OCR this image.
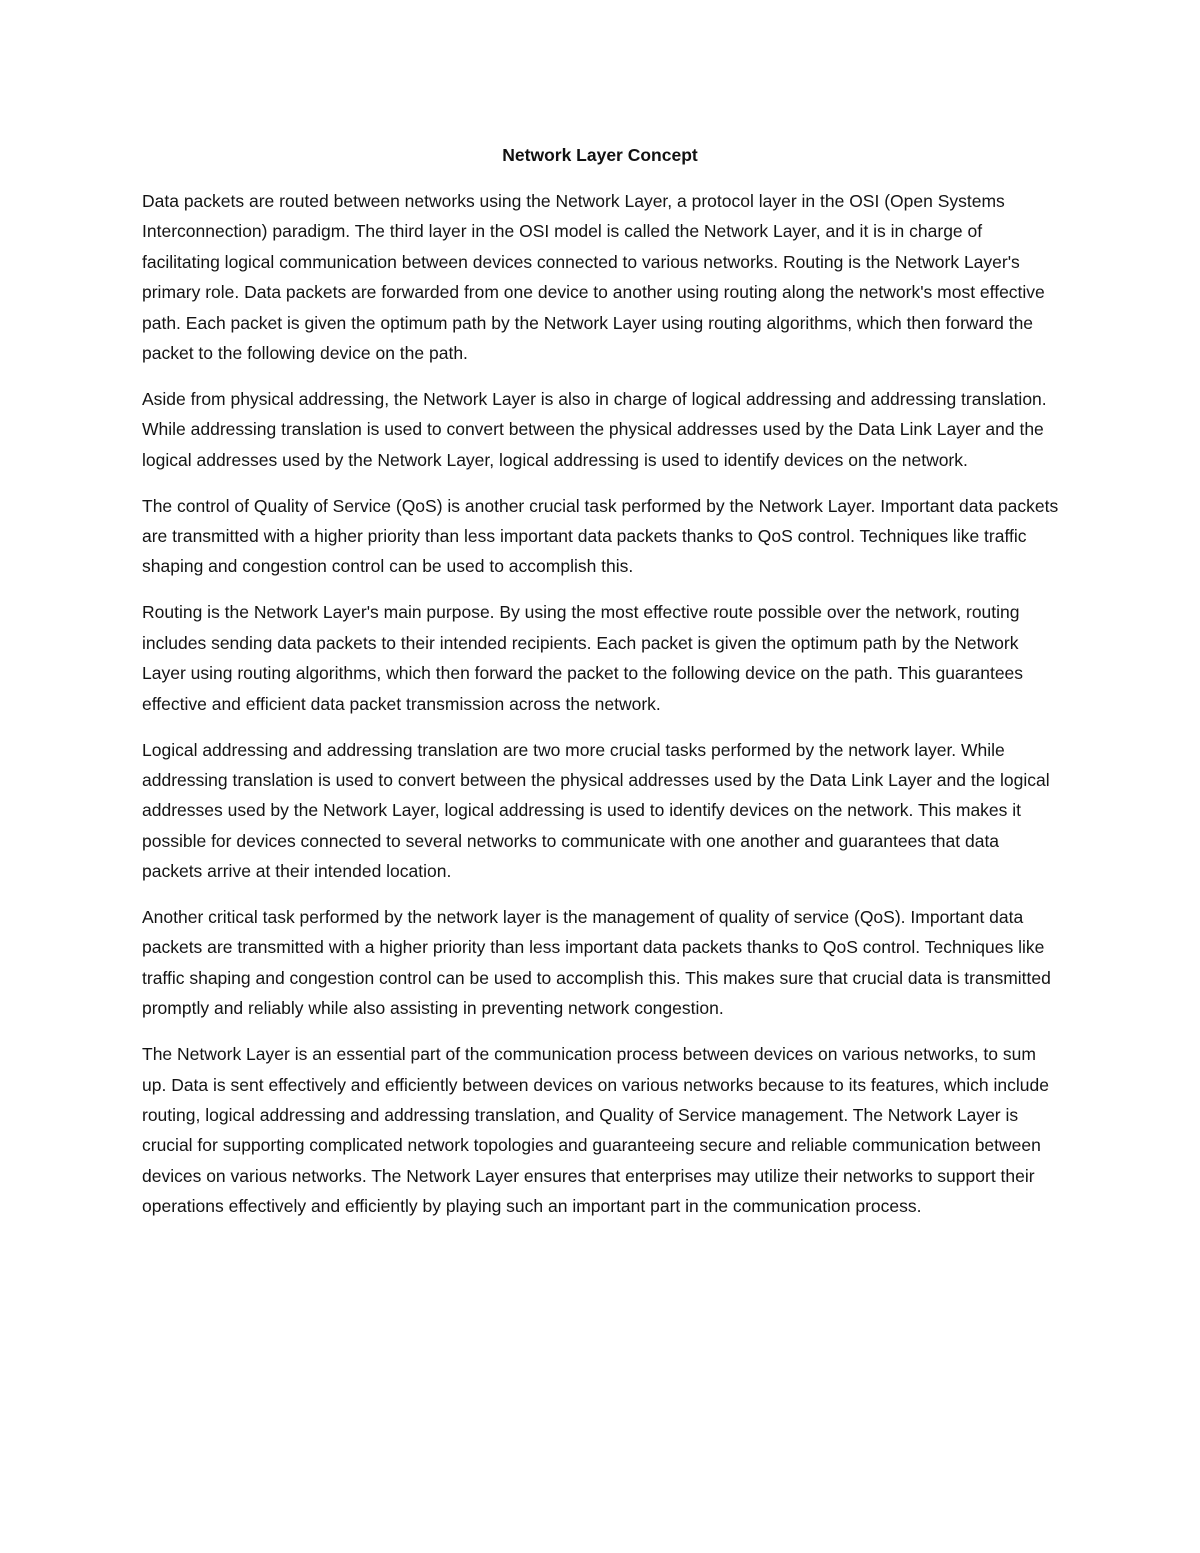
Network Layer Concept

Data packets are routed between networks using the Network Layer, a protocol layer in the OSI (Open Systems Interconnection) paradigm. The third layer in the OSI model is called the Network Layer, and it is in charge of facilitating logical communication between devices connected to various networks. Routing is the Network Layer's primary role. Data packets are forwarded from one device to another using routing along the network's most effective path. Each packet is given the optimum path by the Network Layer using routing algorithms, which then forward the packet to the following device on the path.

Aside from physical addressing, the Network Layer is also in charge of logical addressing and addressing translation. While addressing translation is used to convert between the physical addresses used by the Data Link Layer and the logical addresses used by the Network Layer, logical addressing is used to identify devices on the network.

The control of Quality of Service (QoS) is another crucial task performed by the Network Layer. Important data packets are transmitted with a higher priority than less important data packets thanks to QoS control. Techniques like traffic shaping and congestion control can be used to accomplish this.

Routing is the Network Layer's main purpose. By using the most effective route possible over the network, routing includes sending data packets to their intended recipients. Each packet is given the optimum path by the Network Layer using routing algorithms, which then forward the packet to the following device on the path. This guarantees effective and efficient data packet transmission across the network.

Logical addressing and addressing translation are two more crucial tasks performed by the network layer. While addressing translation is used to convert between the physical addresses used by the Data Link Layer and the logical addresses used by the Network Layer, logical addressing is used to identify devices on the network. This makes it possible for devices connected to several networks to communicate with one another and guarantees that data packets arrive at their intended location.

Another critical task performed by the network layer is the management of quality of service (QoS). Important data packets are transmitted with a higher priority than less important data packets thanks to QoS control. Techniques like traffic shaping and congestion control can be used to accomplish this. This makes sure that crucial data is transmitted promptly and reliably while also assisting in preventing network congestion.

The Network Layer is an essential part of the communication process between devices on various networks, to sum up. Data is sent effectively and efficiently between devices on various networks because to its features, which include routing, logical addressing and addressing translation, and Quality of Service management. The Network Layer is crucial for supporting complicated network topologies and guaranteeing secure and reliable communication between devices on various networks. The Network Layer ensures that enterprises may utilize their networks to support their operations effectively and efficiently by playing such an important part in the communication process.
